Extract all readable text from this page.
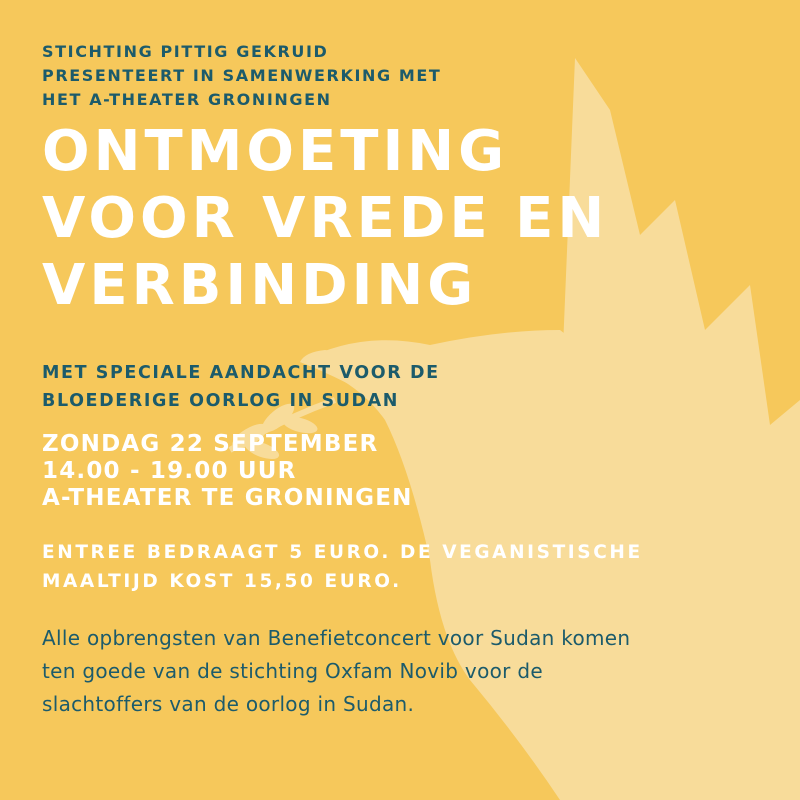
STICHTING PITTIG GEKRUID
PRESENTEERT IN SAMENWERKING MET
HET A-THEATER GRONINGEN
ONTMOETING
VOOR VREDE EN
VERBINDING
MET SPECIALE AANDACHT VOOR DE
BLOEDERIGE OORLOG IN SUDAN
ZONDAG 22 SEPTEMBER
14.00 - 19.00 UUR
A-THEATER TE GRONINGEN
ENTREE BEDRAAGT 5 EURO. DE VEGANISTISCHE
MAALTIJD KOST 15,50 EURO.
Alle opbrengsten van Benefietconcert voor Sudan komen
ten goede van de stichting Oxfam Novib voor de
slachtoffers van de oorlog in Sudan.
